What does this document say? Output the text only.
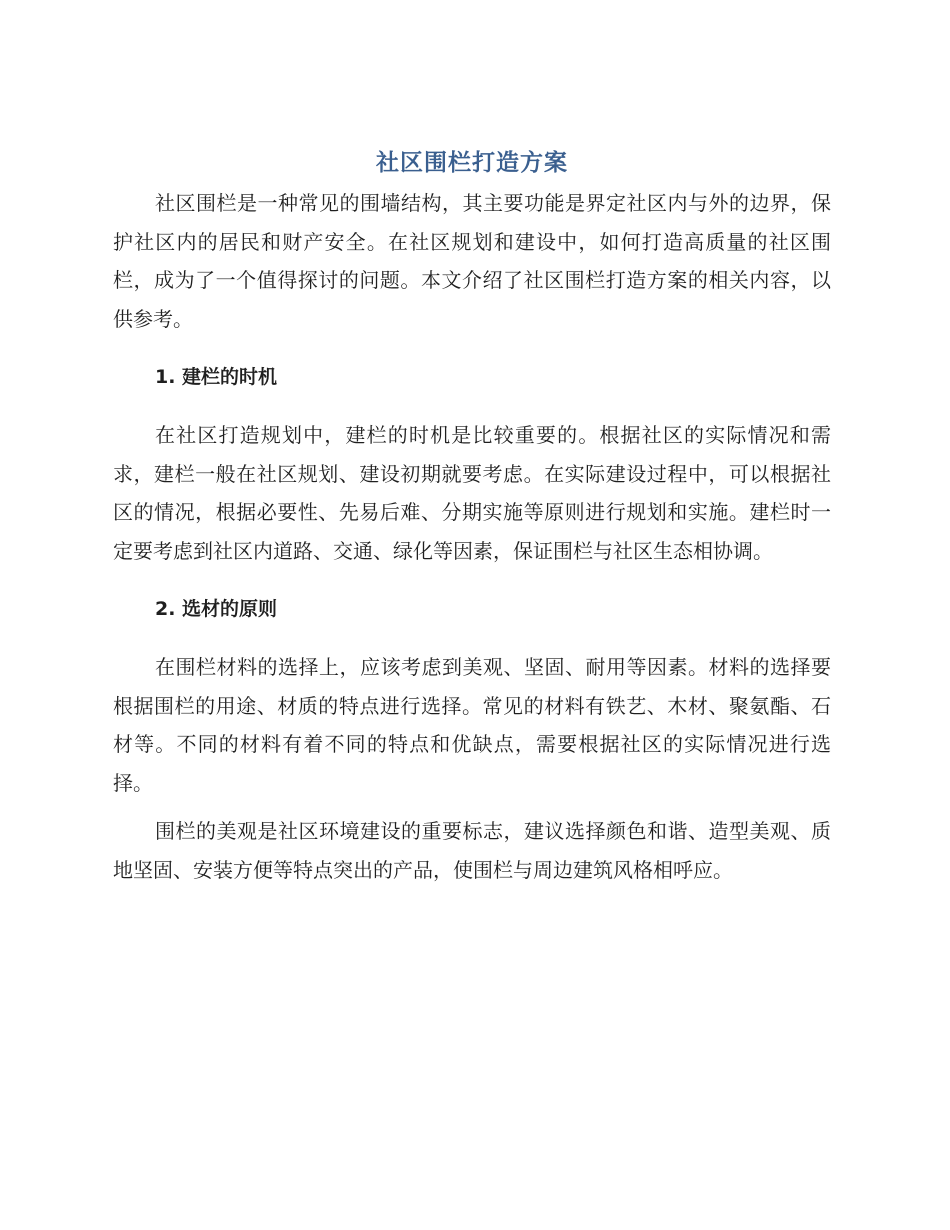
社区围栏打造方案

社区围栏是一种常见的围墙结构，其主要功能是界定社区内与外的边界，保护社区内的居民和财产安全。在社区规划和建设中，如何打造高质量的社区围栏，成为了一个值得探讨的问题。本文介绍了社区围栏打造方案的相关内容，以供参考。

1. 建栏的时机

在社区打造规划中，建栏的时机是比较重要的。根据社区的实际情况和需求，建栏一般在社区规划、建设初期就要考虑。在实际建设过程中，可以根据社区的情况，根据必要性、先易后难、分期实施等原则进行规划和实施。建栏时一定要考虑到社区内道路、交通、绿化等因素，保证围栏与社区生态相协调。

2. 选材的原则

在围栏材料的选择上，应该考虑到美观、坚固、耐用等因素。材料的选择要根据围栏的用途、材质的特点进行选择。常见的材料有铁艺、木材、聚氨酯、石材等。不同的材料有着不同的特点和优缺点，需要根据社区的实际情况进行选择。

围栏的美观是社区环境建设的重要标志，建议选择颜色和谐、造型美观、质地坚固、安装方便等特点突出的产品，使围栏与周边建筑风格相呼应。
